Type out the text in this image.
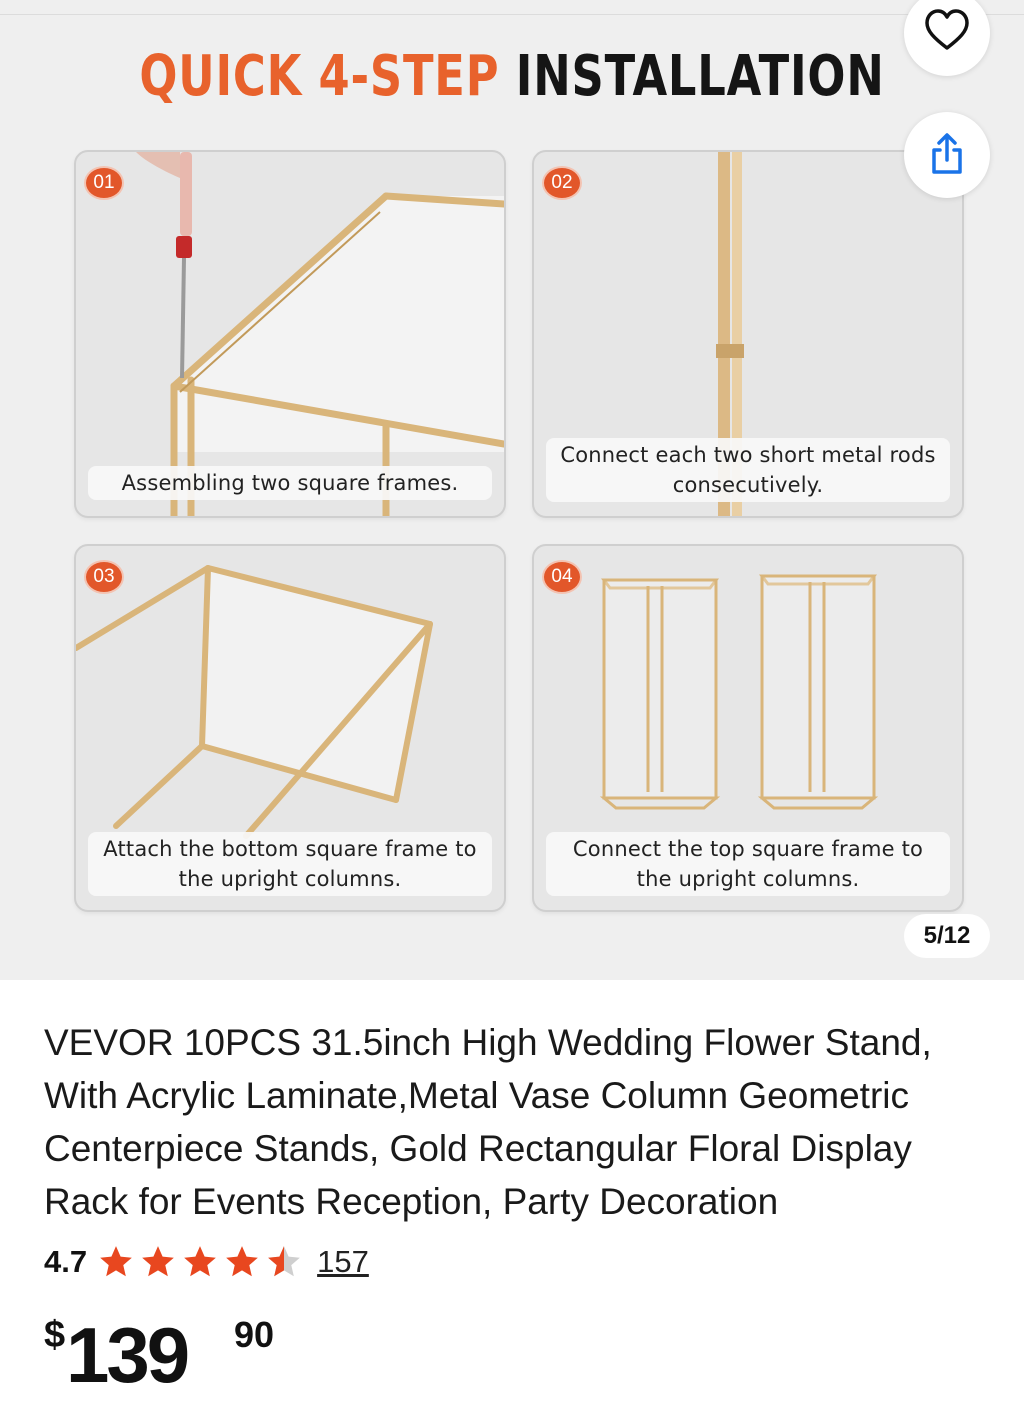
QUICK 4-STEP INSTALLATION
01
Assembling two square frames.
02
Connect each two short metal rods consecutively.
03
Attach the bottom square frame to the upright columns.
04
Connect the top square frame to the upright columns.
5/12
VEVOR 10PCS 31.5inch High Wedding Flower Stand, With Acrylic Laminate,Metal Vase Column Geometric Centerpiece Stands, Gold Rectangular Floral Display Rack for Events Reception, Party Decoration
4.7	157
$ 139 90
